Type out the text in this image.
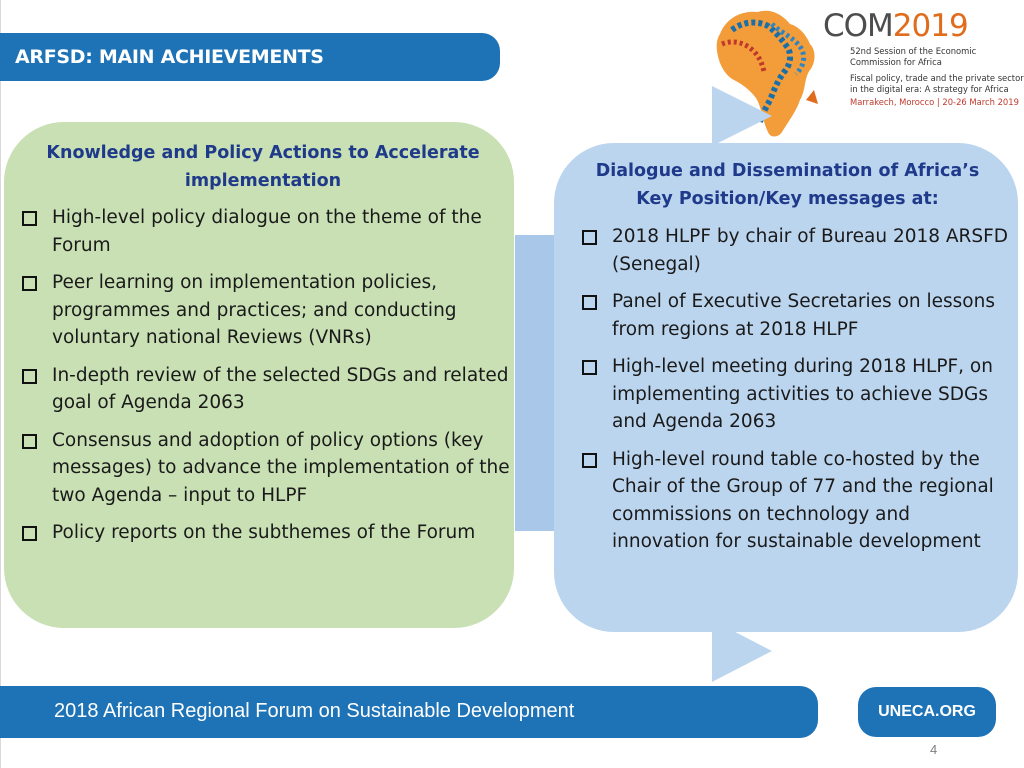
ARFSD: MAIN ACHIEVEMENTS
COM2019
52nd Session of the Economic
Commission for Africa
Fiscal policy, trade and the private sector
in the digital era: A strategy for Africa
Marrakech, Morocco | 20-26 March 2019
Knowledge and Policy Actions to Accelerate implementation
High-level policy dialogue on the theme of the Forum
Peer learning on implementation policies, programmes and practices; and conducting voluntary national Reviews (VNRs)
In-depth review of the selected SDGs and related goal of Agenda 2063
Consensus and adoption of policy options (key messages) to advance the implementation of the two Agenda – input to HLPF
Policy reports on the subthemes of the Forum
Dialogue and Dissemination of Africa’s Key Position/Key messages at:
2018 HLPF by chair of Bureau 2018 ARSFD (Senegal)
Panel of Executive Secretaries on lessons from regions at 2018 HLPF
High-level meeting during 2018 HLPF, on implementing activities to achieve SDGs and Agenda 2063
High-level round table co-hosted by the Chair of the Group of 77 and the regional commissions on technology and innovation for sustainable development
2018 African Regional Forum on Sustainable Development	UNECA.ORG
4
